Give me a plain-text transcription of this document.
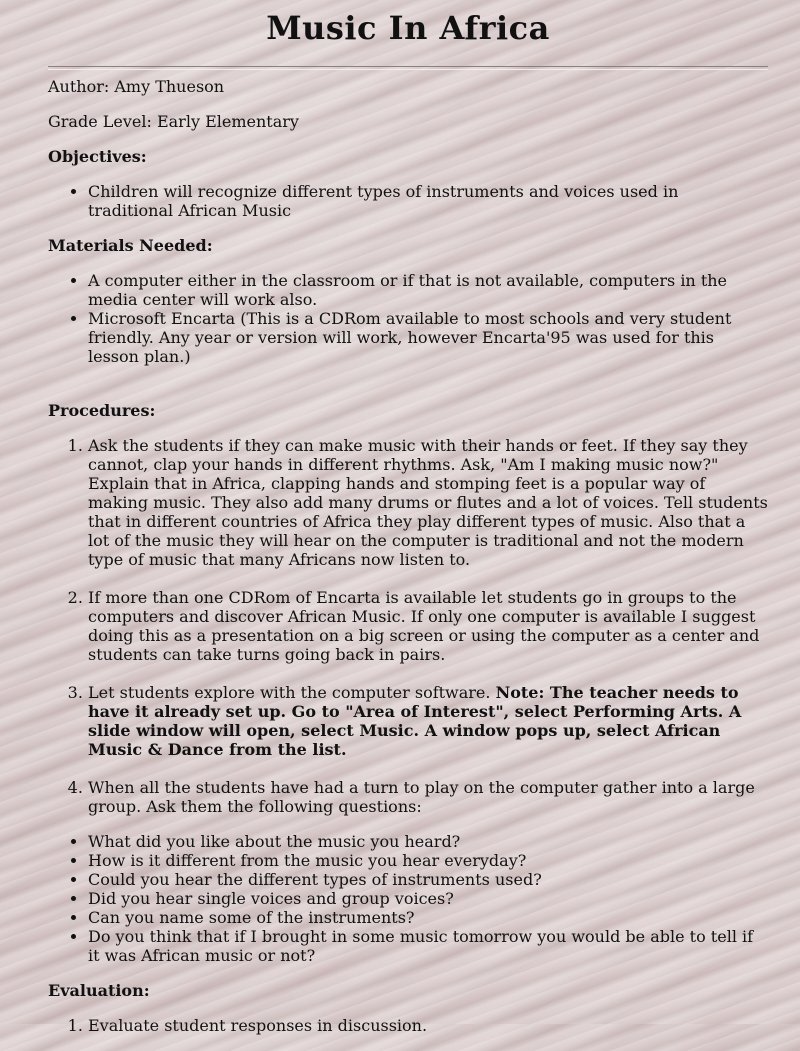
Music In Africa

Author: Amy Thueson

Grade Level: Early Elementary

Objectives:

• Children will recognize different types of instruments and voices used in traditional African Music

Materials Needed:

• A computer either in the classroom or if that is not available, computers in the media center will work also.
• Microsoft Encarta (This is a CDRom available to most schools and very student friendly. Any year or version will work, however Encarta'95 was used for this lesson plan.)

Procedures:

1. Ask the students if they can make music with their hands or feet. If they say they cannot, clap your hands in different rhythms. Ask, "Am I making music now?" Explain that in Africa, clapping hands and stomping feet is a popular way of making music. They also add many drums or flutes and a lot of voices. Tell students that in different countries of Africa they play different types of music. Also that a lot of the music they will hear on the computer is traditional and not the modern type of music that many Africans now listen to.
2. If more than one CDRom of Encarta is available let students go in groups to the computers and discover African Music. If only one computer is available I suggest doing this as a presentation on a big screen or using the computer as a center and students can take turns going back in pairs.
3. Let students explore with the computer software. Note: The teacher needs to have it already set up. Go to "Area of Interest", select Performing Arts. A slide window will open, select Music. A window pops up, select African Music & Dance from the list.
4. When all the students have had a turn to play on the computer gather into a large group. Ask them the following questions:
• What did you like about the music you heard?
• How is it different from the music you hear everyday?
• Could you hear the different types of instruments used?
• Did you hear single voices and group voices?
• Can you name some of the instruments?
• Do you think that if I brought in some music tomorrow you would be able to tell if it was African music or not?

Evaluation:

1. Evaluate student responses in discussion.
